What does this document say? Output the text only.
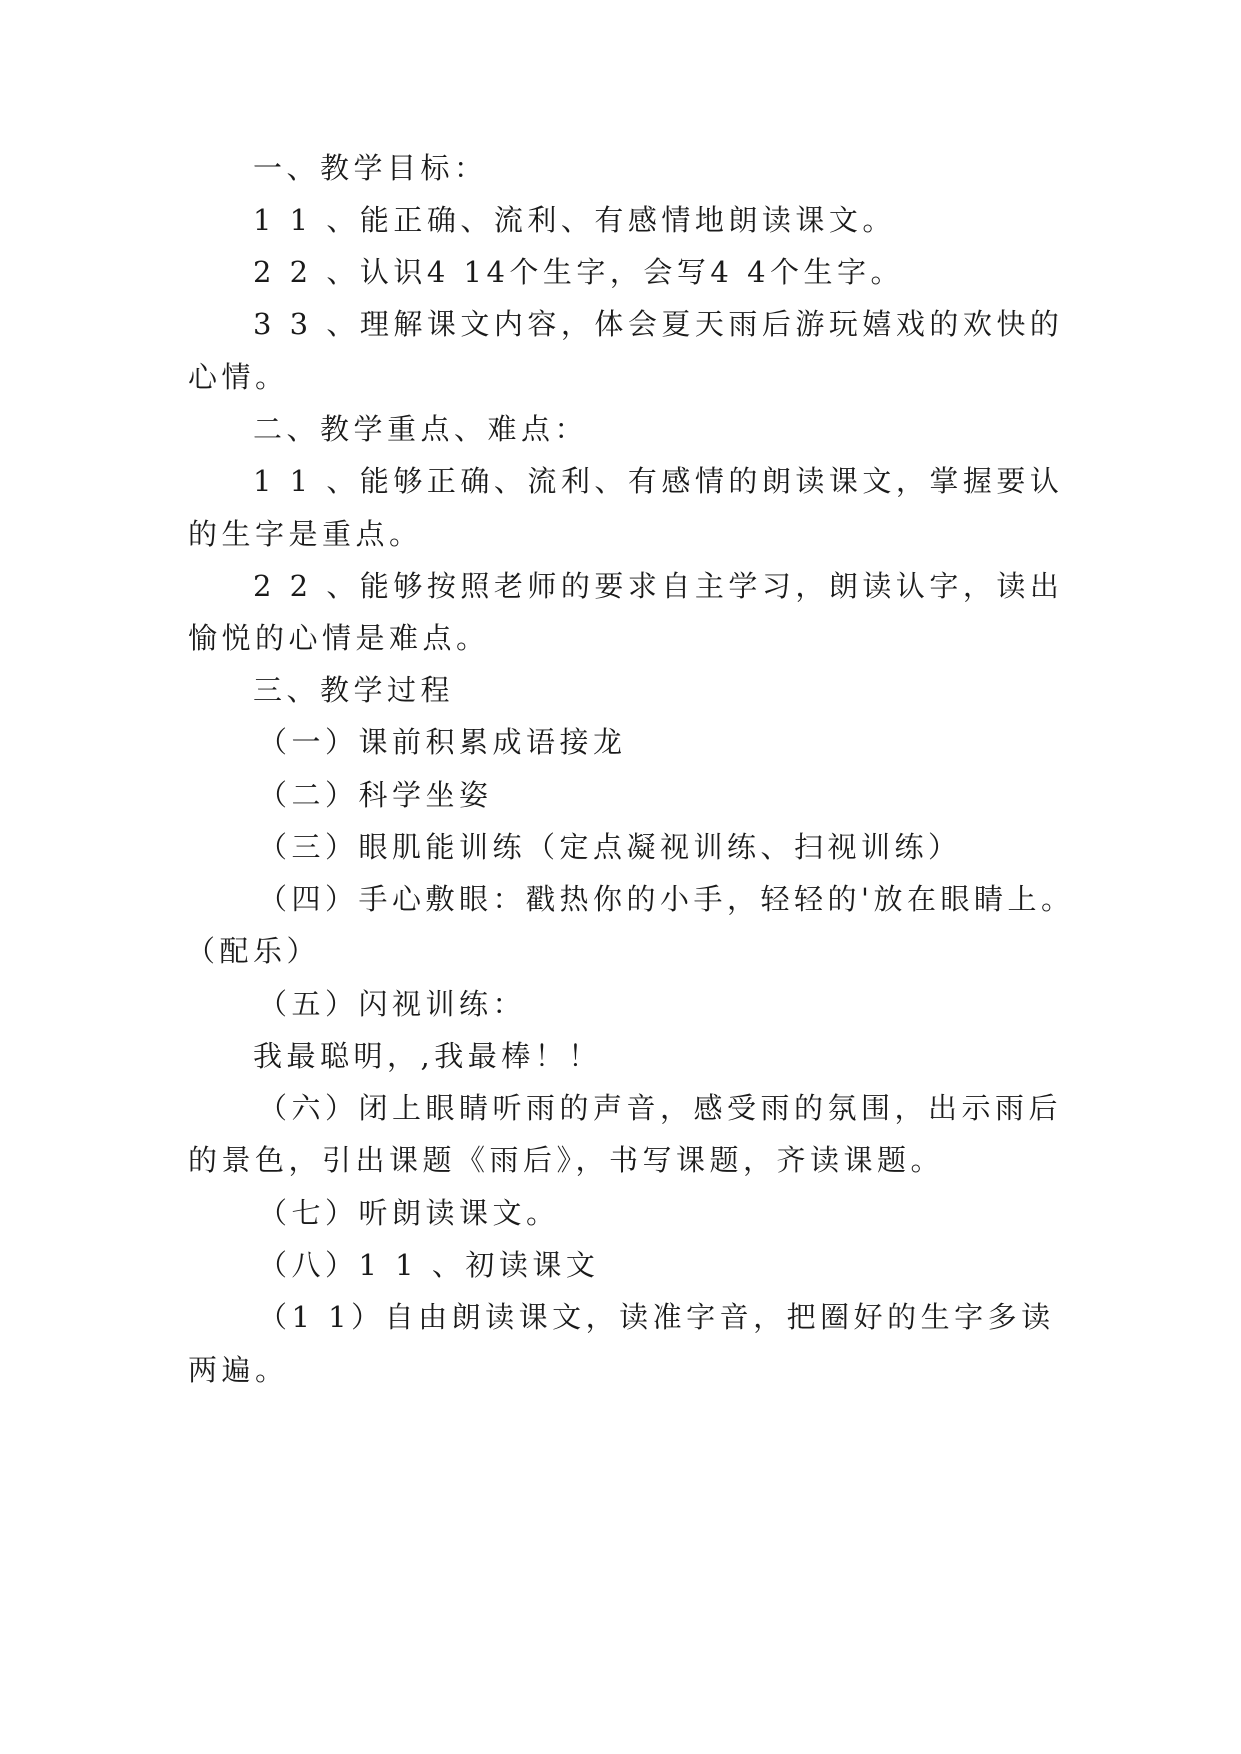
一、教学目标：
1 1 、能正确、流利、有感情地朗读课文。
2 2 、认识4 14个生字，会写4 4个生字。
3 3 、理解课文内容，体会夏天雨后游玩嬉戏的欢快的
心情。
二、教学重点、难点：
1 1 、能够正确、流利、有感情的朗读课文，掌握要认
的生字是重点。
2 2 、能够按照老师的要求自主学习，朗读认字，读出
愉悦的心情是难点。
三、教学过程
（一）课前积累成语接龙
（二）科学坐姿
（三）眼肌能训练（定点凝视训练、扫视训练）
（四）手心敷眼：戳热你的小手，轻轻的'放在眼睛上。
（配乐）
（五）闪视训练：
我最聪明，,我最棒！！
（六）闭上眼睛听雨的声音，感受雨的氛围，出示雨后
的景色，引出课题《雨后》，书写课题，齐读课题。
（七）听朗读课文。
（八）1 1 、初读课文
（1 1）自由朗读课文，读准字音，把圈好的生字多读
两遍。
